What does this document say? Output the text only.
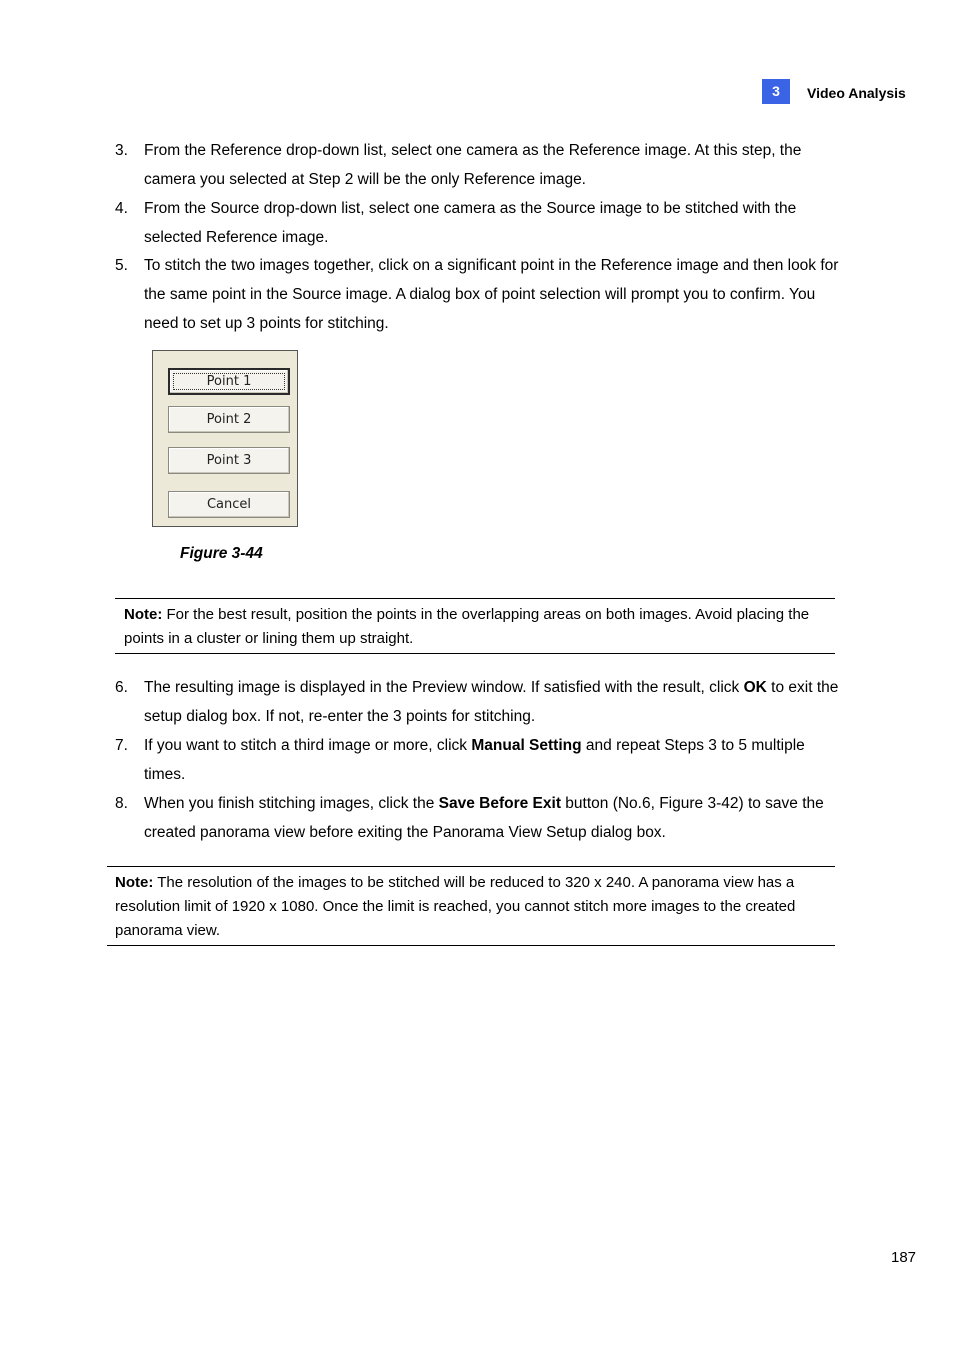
3	Video Analysis
3. From the Reference drop-down list, select one camera as the Reference image. At this step, the camera you selected at Step 2 will be the only Reference image.
4. From the Source drop-down list, select one camera as the Source image to be stitched with the selected Reference image.
5. To stitch the two images together, click on a significant point in the Reference image and then look for the same point in the Source image. A dialog box of point selection will prompt you to confirm. You need to set up 3 points for stitching.
Point 1
Point 2
Point 3
Cancel
Figure 3-44
Note: For the best result, position the points in the overlapping areas on both images. Avoid placing the points in a cluster or lining them up straight.
6. The resulting image is displayed in the Preview window. If satisfied with the result, click OK to exit the setup dialog box. If not, re-enter the 3 points for stitching.
7. If you want to stitch a third image or more, click Manual Setting and repeat Steps 3 to 5 multiple times.
8. When you finish stitching images, click the Save Before Exit button (No.6, Figure 3-42) to save the created panorama view before exiting the Panorama View Setup dialog box.
Note: The resolution of the images to be stitched will be reduced to 320 x 240. A panorama view has a resolution limit of 1920 x 1080. Once the limit is reached, you cannot stitch more images to the created panorama view.
187
